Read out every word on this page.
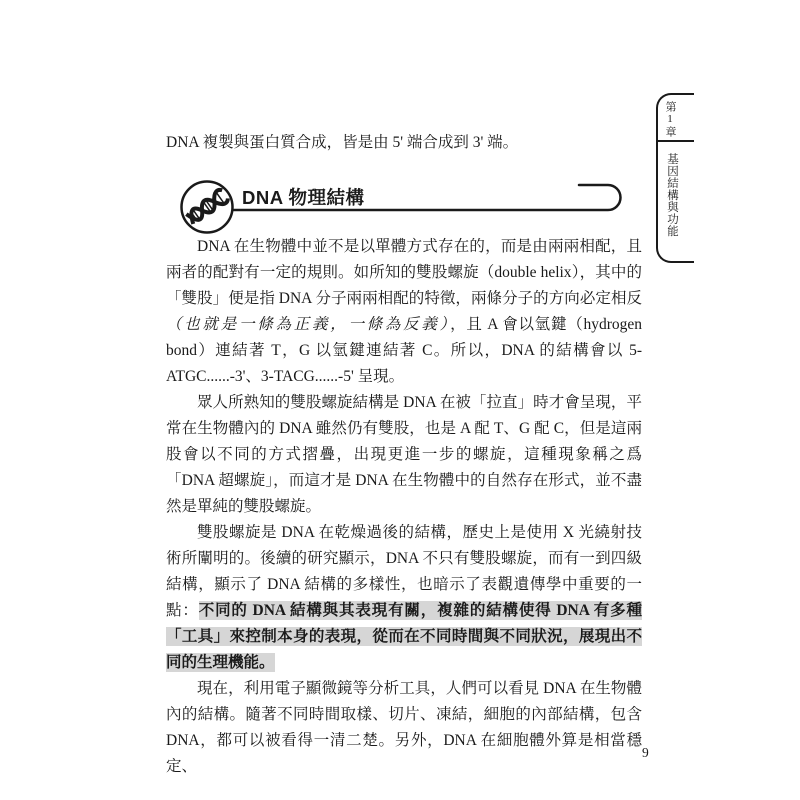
DNA 複製與蛋白質合成，皆是由 5' 端合成到 3' 端。
DNA 物理結構

DNA 在生物體中並不是以單體方式存在的，而是由兩兩相配，且兩者的配對有一定的規則。如所知的雙股螺旋（double helix），其中的「雙股」便是指 DNA 分子兩兩相配的特徵，兩條分子的方向必定相反（也就是一條為正義，一條為反義），且 A 會以氫鍵（hydrogen bond）連結著 T，G 以氫鍵連結著 C。所以，DNA 的結構會以 5-ATGC......-3'、3-TACG......-5' 呈現。

眾人所熟知的雙股螺旋結構是 DNA 在被「拉直」時才會呈現，平常在生物體內的 DNA 雖然仍有雙股，也是 A 配 T、G 配 C，但是這兩股會以不同的方式摺疊，出現更進一步的螺旋，這種現象稱之爲「DNA 超螺旋」，而這才是 DNA 在生物體中的自然存在形式，並不盡然是單純的雙股螺旋。

雙股螺旋是 DNA 在乾燥過後的結構，歷史上是使用 X 光繞射技術所闡明的。後續的研究顯示，DNA 不只有雙股螺旋，而有一到四級結構，顯示了 DNA 結構的多樣性，也暗示了表觀遺傳學中重要的一點：不同的 DNA 結構與其表現有關，複雜的結構使得 DNA 有多種「工具」來控制本身的表現，從而在不同時間與不同狀況，展現出不同的生理機能。

現在，利用電子顯微鏡等分析工具，人們可以看見 DNA 在生物體內的結構。隨著不同時間取樣、切片、凍結，細胞的內部結構，包含 DNA，都可以被看得一清二楚。另外，DNA 在細胞體外算是相當穩定、

第1章
基因結構與功能
9
